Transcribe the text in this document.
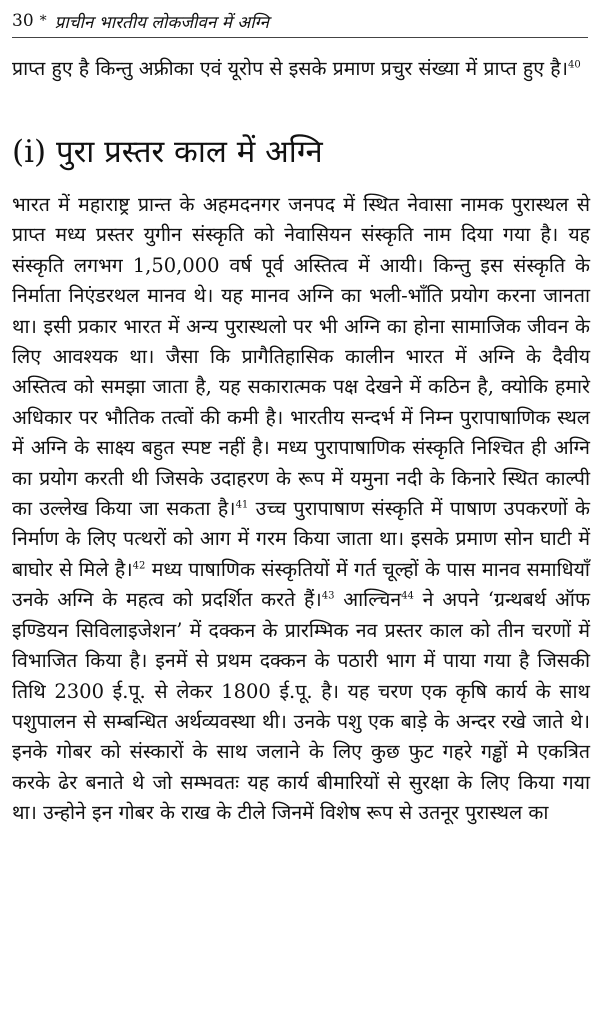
30 * प्राचीन भारतीय लोकजीवन में अग्नि

प्राप्त हुए है किन्तु अफ्रीका एवं यूरोप से इसके प्रमाण प्रचुर संख्या में प्राप्त हुए है।$^{40}$

(i) पुरा प्रस्तर काल में अग्नि

भारत में महाराष्ट्र प्रान्त के अहमदनगर जनपद में स्थित नेवासा नामक पुरास्थल से प्राप्त मध्य प्रस्तर युगीन संस्कृति को नेवासियन संस्कृति नाम दिया गया है। यह संस्कृति लगभग 1,50,000 वर्ष पूर्व अस्तित्व में आयी। किन्तु इस संस्कृति के निर्माता निएंडरथल मानव थे। यह मानव अग्नि का भली-भाँति प्रयोग करना जानता था। इसी प्रकार भारत में अन्य पुरास्थलो पर भी अग्नि का होना सामाजिक जीवन के लिए आवश्यक था। जैसा कि प्रागैतिहासिक कालीन भारत में अग्नि के दैवीय अस्तित्व को समझा जाता है, यह सकारात्मक पक्ष देखने में कठिन है, क्योकि हमारे अधिकार पर भौतिक तत्वों की कमी है। भारतीय सन्दर्भ में निम्न पुरापाषाणिक स्थल में अग्नि के साक्ष्य बहुत स्पष्ट नहीं है। मध्य पुरापाषाणिक संस्कृति निश्चित ही अग्नि का प्रयोग करती थी जिसके उदाहरण के रूप में यमुना नदी के किनारे स्थित काल्पी का उल्लेख किया जा सकता है।$^{41}$ उच्च पुरापाषाण संस्कृति में पाषाण उपकरणों के निर्माण के लिए पत्थरों को आग में गरम किया जाता था। इसके प्रमाण सोन घाटी में बाघोर से मिले है।$^{42}$ मध्य पाषाणिक संस्कृतियों में गर्त चूल्हों के पास मानव समाधियाँ उनके अग्नि के महत्व को प्रदर्शित करते हैं।$^{43}$ आल्चिन$^{44}$ ने अपने ‘ग्रन्थबर्थ ऑफ इण्डियन सिविलाइजेशन’ में दक्कन के प्रारम्भिक नव प्रस्तर काल को तीन चरणों में विभाजित किया है। इनमें से प्रथम दक्कन के पठारी भाग में पाया गया है जिसकी तिथि 2300 ई.पू. से लेकर 1800 ई.पू. है। यह चरण एक कृषि कार्य के साथ पशुपालन से सम्बन्धित अर्थव्यवस्था थी। उनके पशु एक बाड़े के अन्दर रखे जाते थे। इनके गोबर को संस्कारों के साथ जलाने के लिए कुछ फुट गहरे गड्ढों मे एकत्रित करके ढेर बनाते थे जो सम्भवतः यह कार्य बीमारियों से सुरक्षा के लिए किया गया था। उन्होने इन गोबर के राख के टीले जिनमें विशेष रूप से उतनूर पुरास्थल का
